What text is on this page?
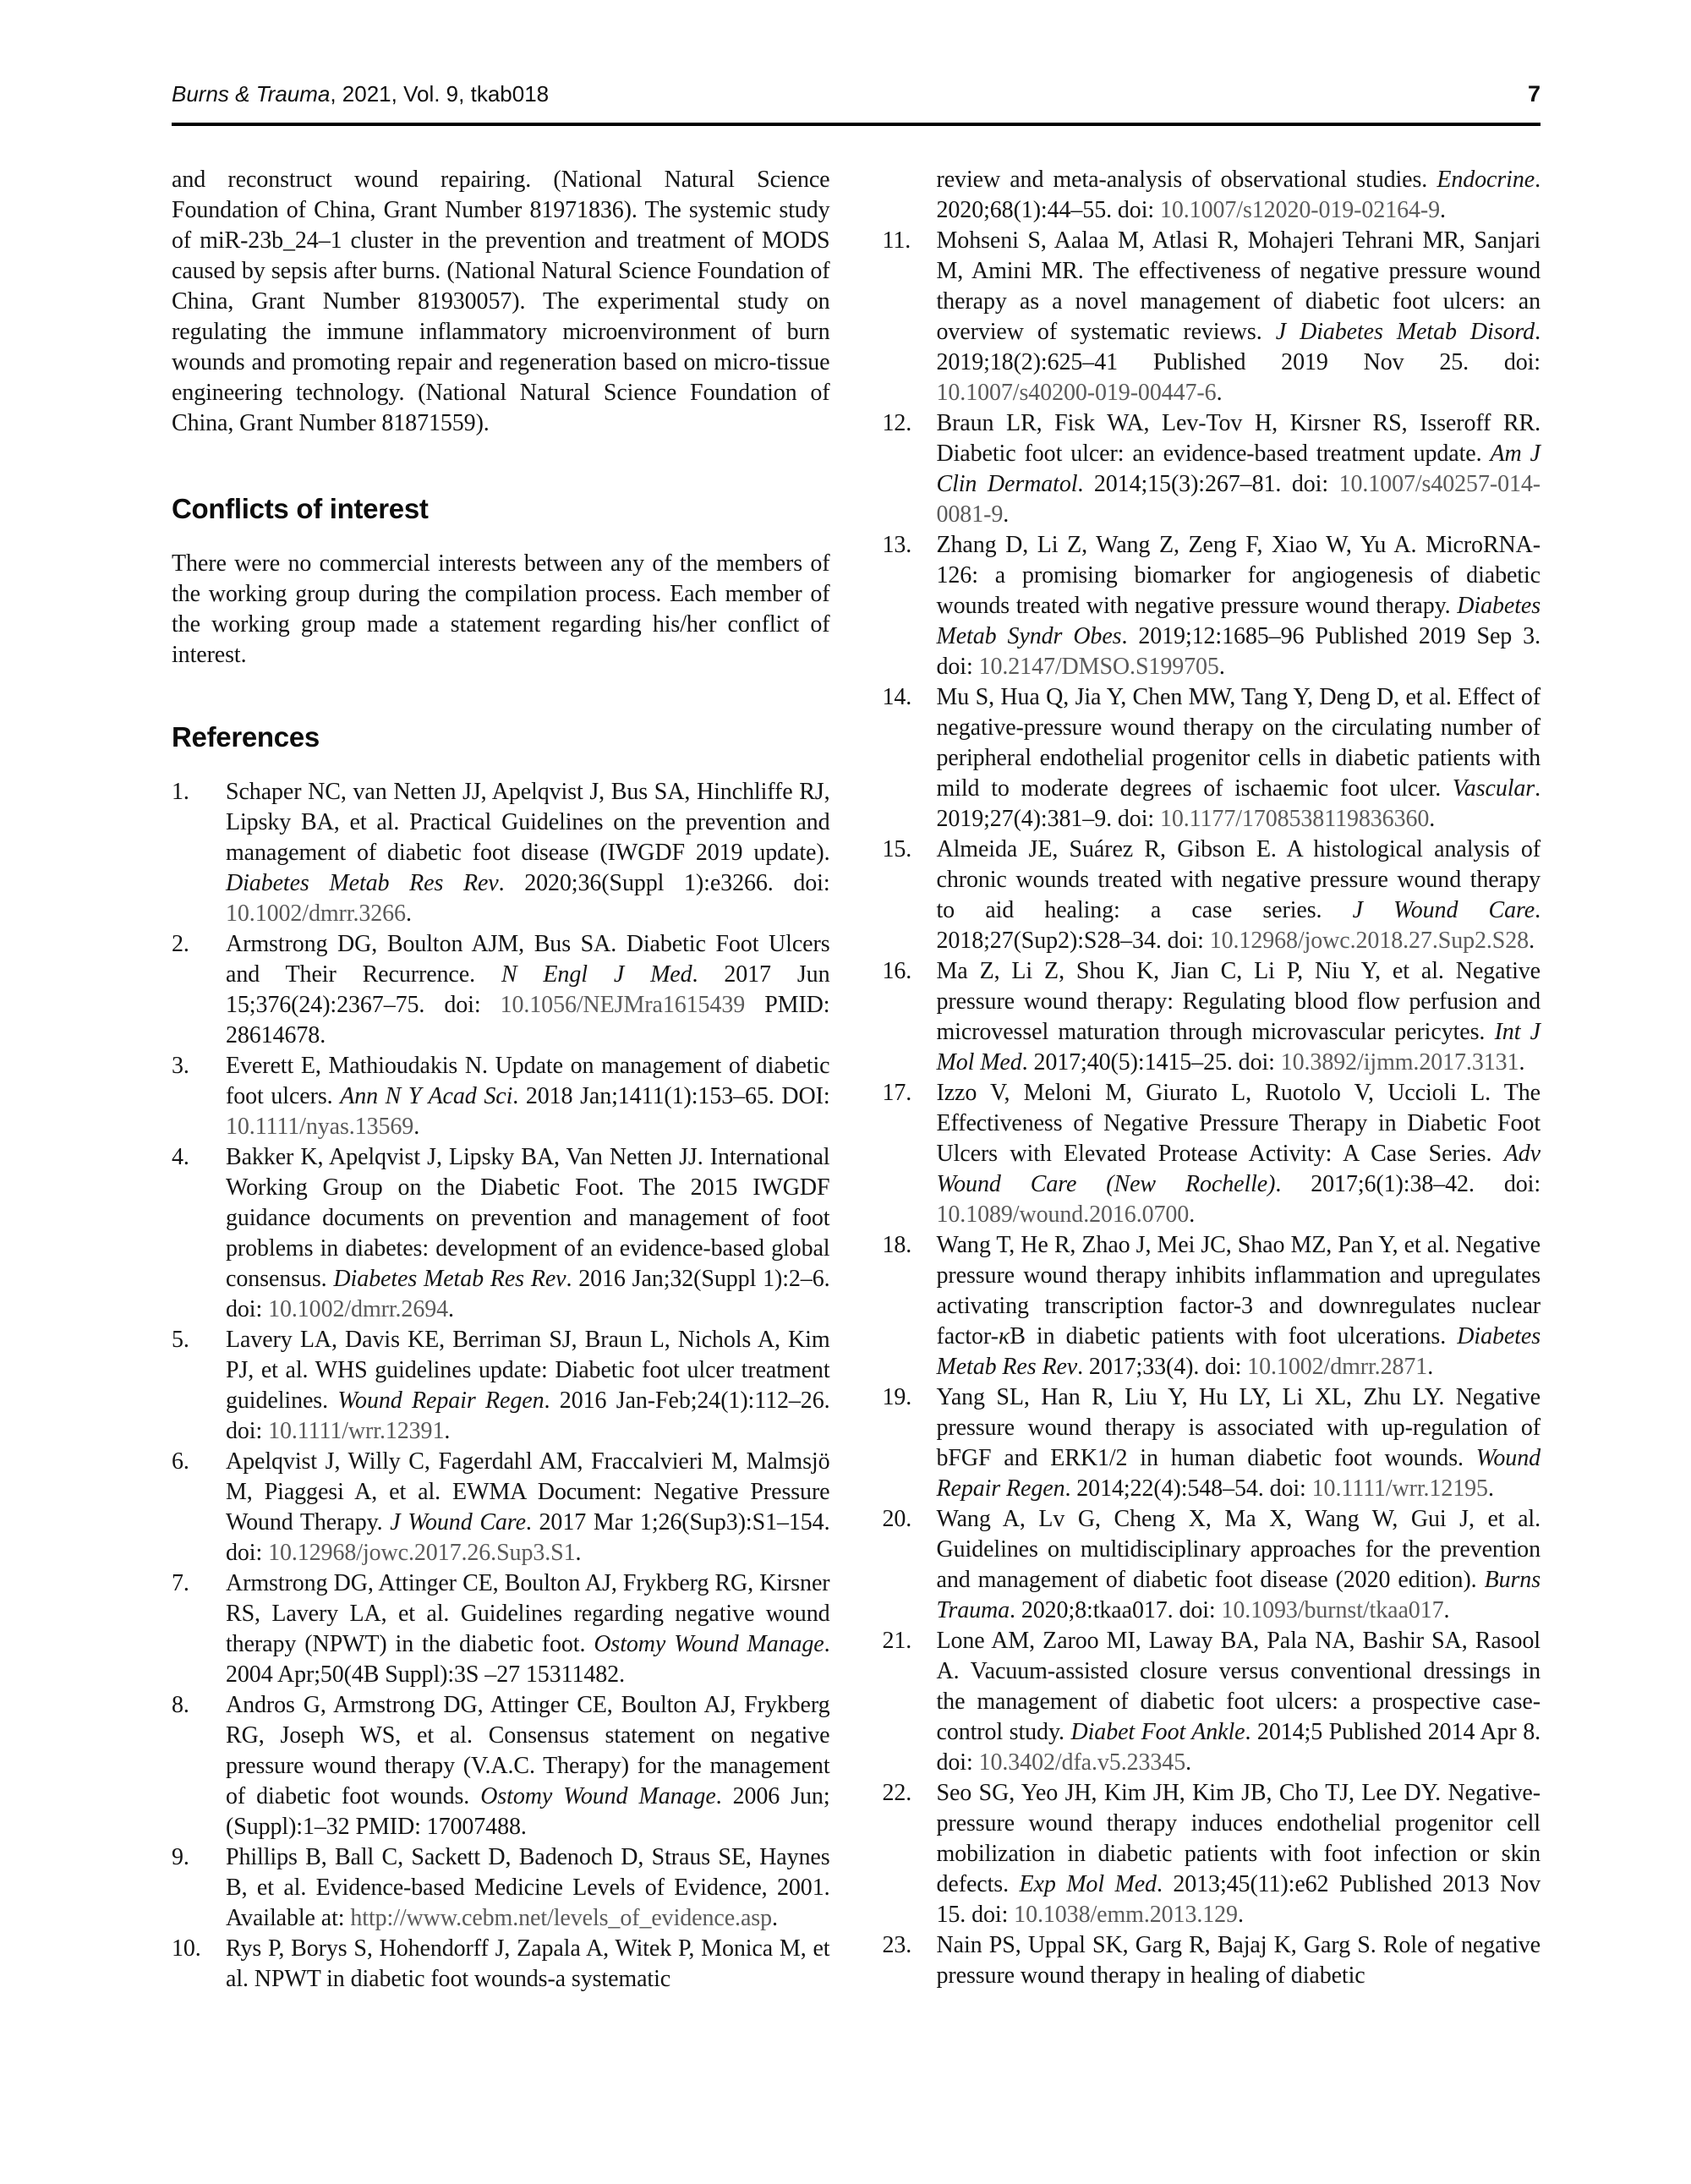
Burns & Trauma, 2021, Vol. 9, tkab018	7

and reconstruct wound repairing. (National Natural Science Foundation of China, Grant Number 81971836). The systemic study of miR-23b_24–1 cluster in the prevention and treatment of MODS caused by sepsis after burns. (National Natural Science Foundation of China, Grant Number 81930057). The experimental study on regulating the immune inflammatory microenvironment of burn wounds and promoting repair and regeneration based on micro-tissue engineering technology. (National Natural Science Foundation of China, Grant Number 81871559).

Conflicts of interest

There were no commercial interests between any of the members of the working group during the compilation process. Each member of the working group made a statement regarding his/her conflict of interest.

References
1. Schaper NC, van Netten JJ, Apelqvist J, Bus SA, Hinchliffe RJ, Lipsky BA, et al. Practical Guidelines on the prevention and management of diabetic foot disease (IWGDF 2019 update). Diabetes Metab Res Rev. 2020;36(Suppl 1):e3266. doi: 10.1002/dmrr.3266.
2. Armstrong DG, Boulton AJM, Bus SA. Diabetic Foot Ulcers and Their Recurrence. N Engl J Med. 2017 Jun 15;376(24):2367–75. doi: 10.1056/NEJMra1615439 PMID: 28614678.
3. Everett E, Mathioudakis N. Update on management of diabetic foot ulcers. Ann N Y Acad Sci. 2018 Jan;1411(1):153–65. DOI: 10.1111/nyas.13569.
4. Bakker K, Apelqvist J, Lipsky BA, Van Netten JJ. International Working Group on the Diabetic Foot. The 2015 IWGDF guidance documents on prevention and management of foot problems in diabetes: development of an evidence-based global consensus. Diabetes Metab Res Rev. 2016 Jan;32(Suppl 1):2–6. doi: 10.1002/dmrr.2694.
5. Lavery LA, Davis KE, Berriman SJ, Braun L, Nichols A, Kim PJ, et al. WHS guidelines update: Diabetic foot ulcer treatment guidelines. Wound Repair Regen. 2016 Jan-Feb;24(1):112–26. doi: 10.1111/wrr.12391.
6. Apelqvist J, Willy C, Fagerdahl AM, Fraccalvieri M, Malmsjö M, Piaggesi A, et al. EWMA Document: Negative Pressure Wound Therapy. J Wound Care. 2017 Mar 1;26(Sup3):S1–154. doi: 10.12968/jowc.2017.26.Sup3.S1.
7. Armstrong DG, Attinger CE, Boulton AJ, Frykberg RG, Kirsner RS, Lavery LA, et al. Guidelines regarding negative wound therapy (NPWT) in the diabetic foot. Ostomy Wound Manage. 2004 Apr;50(4B Suppl):3S –27 15311482.
8. Andros G, Armstrong DG, Attinger CE, Boulton AJ, Frykberg RG, Joseph WS, et al. Consensus statement on negative pressure wound therapy (V.A.C. Therapy) for the management of diabetic foot wounds. Ostomy Wound Manage. 2006 Jun;(Suppl):1–32 PMID: 17007488.
9. Phillips B, Ball C, Sackett D, Badenoch D, Straus SE, Haynes B, et al. Evidence-based Medicine Levels of Evidence, 2001. Available at: http://www.cebm.net/levels_of_evidence.asp.
10. Rys P, Borys S, Hohendorff J, Zapala A, Witek P, Monica M, et al. NPWT in diabetic foot wounds-a systematic
review and meta-analysis of observational studies. Endocrine. 2020;68(1):44–55. doi: 10.1007/s12020-019-02164-9.
11. Mohseni S, Aalaa M, Atlasi R, Mohajeri Tehrani MR, Sanjari M, Amini MR. The effectiveness of negative pressure wound therapy as a novel management of diabetic foot ulcers: an overview of systematic reviews. J Diabetes Metab Disord. 2019;18(2):625–41 Published 2019 Nov 25. doi: 10.1007/s40200-019-00447-6.
12. Braun LR, Fisk WA, Lev-Tov H, Kirsner RS, Isseroff RR. Diabetic foot ulcer: an evidence-based treatment update. Am J Clin Dermatol. 2014;15(3):267–81. doi: 10.1007/s40257-014-0081-9.
13. Zhang D, Li Z, Wang Z, Zeng F, Xiao W, Yu A. MicroRNA-126: a promising biomarker for angiogenesis of diabetic wounds treated with negative pressure wound therapy. Diabetes Metab Syndr Obes. 2019;12:1685–96 Published 2019 Sep 3. doi: 10.2147/DMSO.S199705.
14. Mu S, Hua Q, Jia Y, Chen MW, Tang Y, Deng D, et al. Effect of negative-pressure wound therapy on the circulating number of peripheral endothelial progenitor cells in diabetic patients with mild to moderate degrees of ischaemic foot ulcer. Vascular. 2019;27(4):381–9. doi: 10.1177/1708538119836360.
15. Almeida JE, Suárez R, Gibson E. A histological analysis of chronic wounds treated with negative pressure wound therapy to aid healing: a case series. J Wound Care. 2018;27(Sup2):S28–34. doi: 10.12968/jowc.2018.27.Sup2.S28.
16. Ma Z, Li Z, Shou K, Jian C, Li P, Niu Y, et al. Negative pressure wound therapy: Regulating blood flow perfusion and microvessel maturation through microvascular pericytes. Int J Mol Med. 2017;40(5):1415–25. doi: 10.3892/ijmm.2017.3131.
17. Izzo V, Meloni M, Giurato L, Ruotolo V, Uccioli L. The Effectiveness of Negative Pressure Therapy in Diabetic Foot Ulcers with Elevated Protease Activity: A Case Series. Adv Wound Care (New Rochelle). 2017;6(1):38–42. doi: 10.1089/wound.2016.0700.
18. Wang T, He R, Zhao J, Mei JC, Shao MZ, Pan Y, et al. Negative pressure wound therapy inhibits inflammation and upregulates activating transcription factor-3 and downregulates nuclear factor-κB in diabetic patients with foot ulcerations. Diabetes Metab Res Rev. 2017;33(4). doi: 10.1002/dmrr.2871.
19. Yang SL, Han R, Liu Y, Hu LY, Li XL, Zhu LY. Negative pressure wound therapy is associated with up-regulation of bFGF and ERK1/2 in human diabetic foot wounds. Wound Repair Regen. 2014;22(4):548–54. doi: 10.1111/wrr.12195.
20. Wang A, Lv G, Cheng X, Ma X, Wang W, Gui J, et al. Guidelines on multidisciplinary approaches for the prevention and management of diabetic foot disease (2020 edition). Burns Trauma. 2020;8:tkaa017. doi: 10.1093/burnst/tkaa017.
21. Lone AM, Zaroo MI, Laway BA, Pala NA, Bashir SA, Rasool A. Vacuum-assisted closure versus conventional dressings in the management of diabetic foot ulcers: a prospective case-control study. Diabet Foot Ankle. 2014;5 Published 2014 Apr 8. doi: 10.3402/dfa.v5.23345.
22. Seo SG, Yeo JH, Kim JH, Kim JB, Cho TJ, Lee DY. Negative-pressure wound therapy induces endothelial progenitor cell mobilization in diabetic patients with foot infection or skin defects. Exp Mol Med. 2013;45(11):e62 Published 2013 Nov 15. doi: 10.1038/emm.2013.129.
23. Nain PS, Uppal SK, Garg R, Bajaj K, Garg S. Role of negative pressure wound therapy in healing of diabetic
